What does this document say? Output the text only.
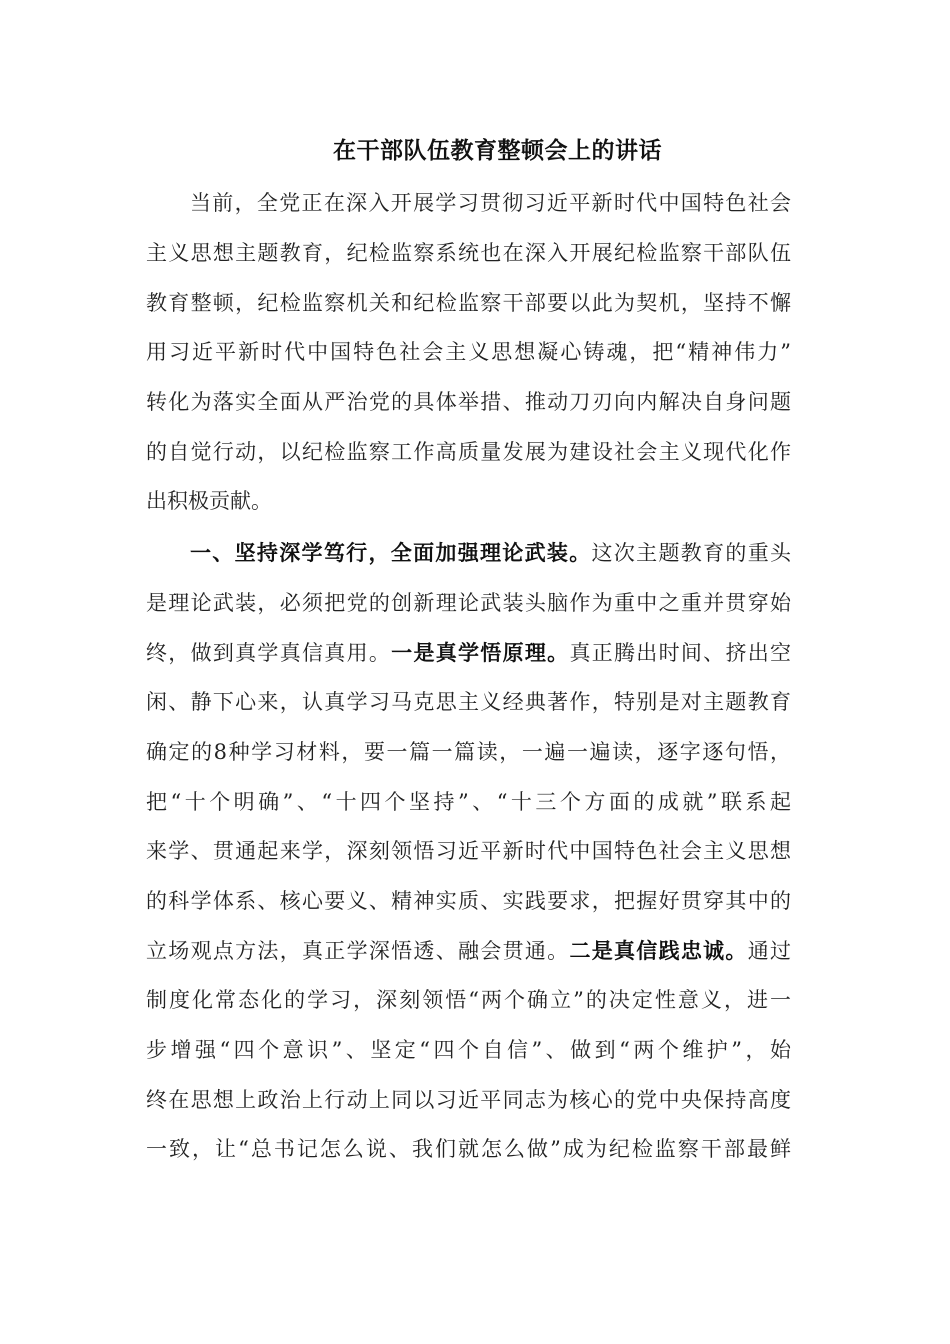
在干部队伍教育整顿会上的讲话
当前，全党正在深入开展学习贯彻习近平新时代中国特色社会
主义思想主题教育，纪检监察系统也在深入开展纪检监察干部队伍
教育整顿，纪检监察机关和纪检监察干部要以此为契机，坚持不懈
用习近平新时代中国特色社会主义思想凝心铸魂，把“精神伟力”
转化为落实全面从严治党的具体举措、推动刀刃向内解决自身问题
的自觉行动，以纪检监察工作高质量发展为建设社会主义现代化作
出积极贡献。
一、坚持深学笃行，全面加强理论武装。这次主题教育的重头
是理论武装，必须把党的创新理论武装头脑作为重中之重并贯穿始
终，做到真学真信真用。一是真学悟原理。真正腾出时间、挤出空
闲、静下心来，认真学习马克思主义经典著作，特别是对主题教育
确定的8种学习材料，要一篇一篇读，一遍一遍读，逐字逐句悟，
把“十个明确”、“十四个坚持”、“十三个方面的成就”联系起
来学、贯通起来学，深刻领悟习近平新时代中国特色社会主义思想
的科学体系、核心要义、精神实质、实践要求，把握好贯穿其中的
立场观点方法，真正学深悟透、融会贯通。二是真信践忠诚。通过
制度化常态化的学习，深刻领悟“两个确立”的决定性意义，进一
步增强“四个意识”、坚定“四个自信”、做到“两个维护”，始
终在思想上政治上行动上同以习近平同志为核心的党中央保持高度
一致，让“总书记怎么说、我们就怎么做”成为纪检监察干部最鲜
